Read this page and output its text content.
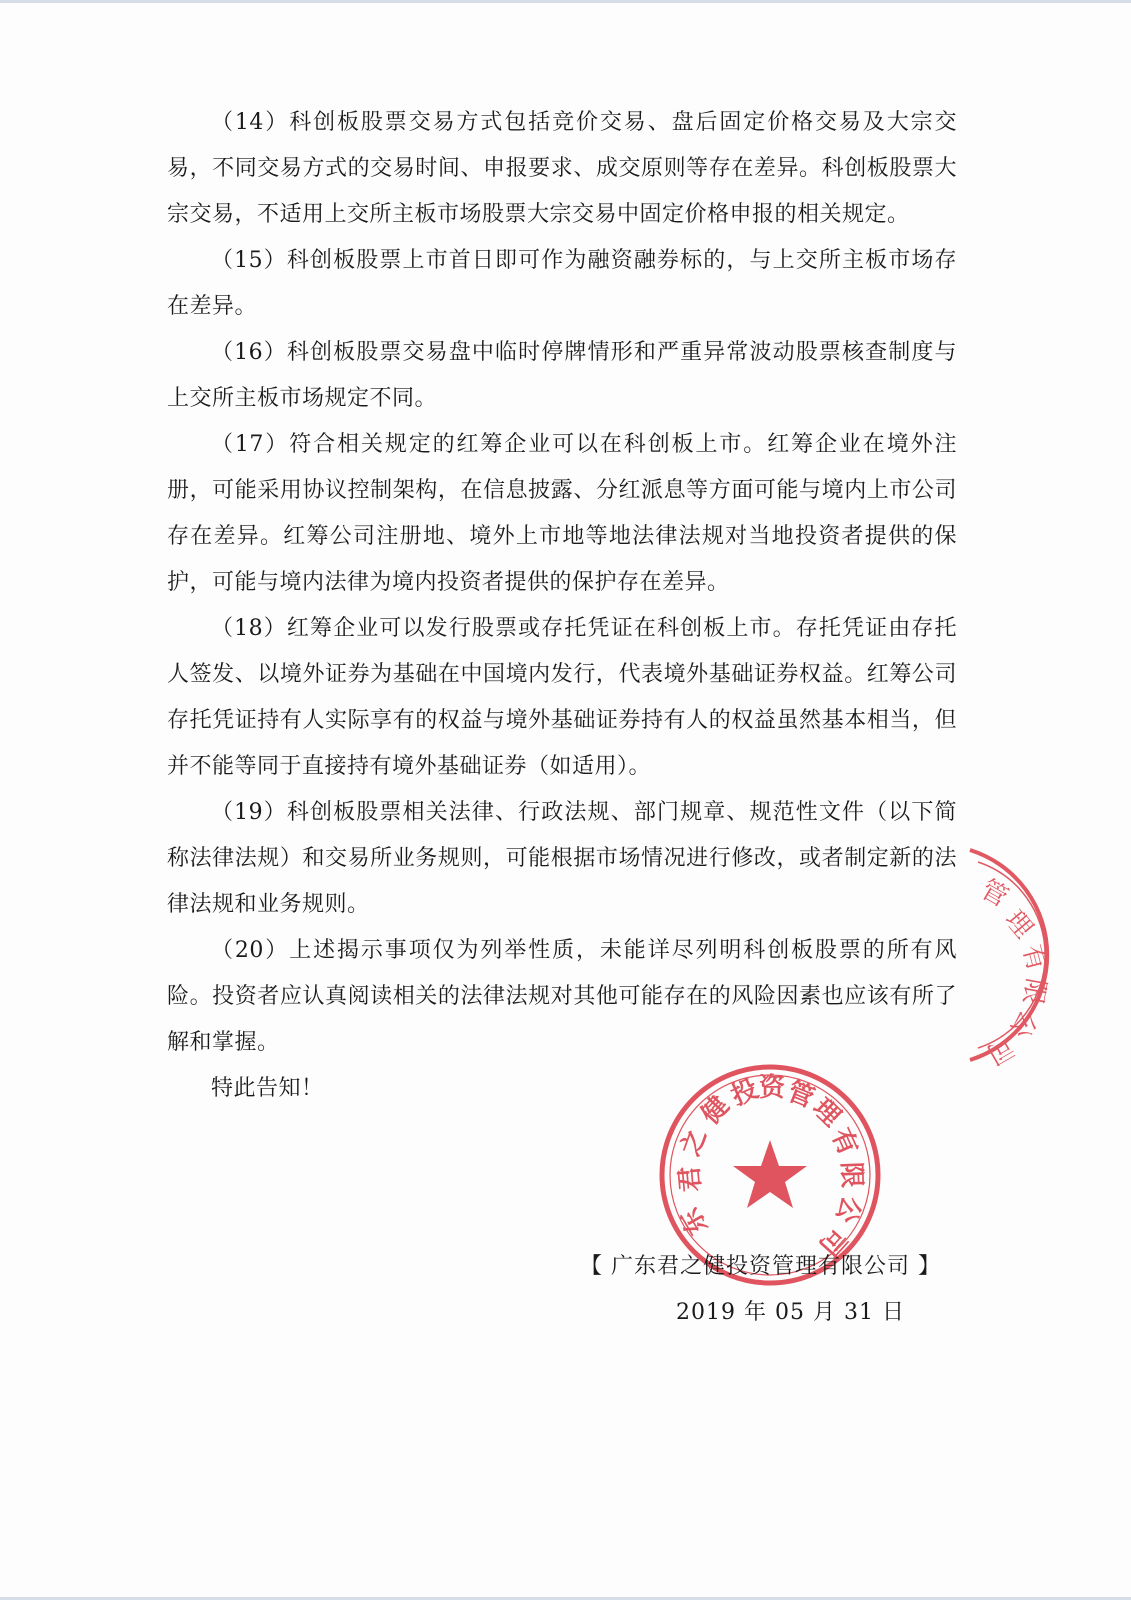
（14）科创板股票交易方式包括竞价交易、盘后固定价格交易及大宗交易，不同交易方式的交易时间、申报要求、成交原则等存在差异。科创板股票大宗交易，不适用上交所主板市场股票大宗交易中固定价格申报的相关规定。

（15）科创板股票上市首日即可作为融资融券标的，与上交所主板市场存在差异。

（16）科创板股票交易盘中临时停牌情形和严重异常波动股票核查制度与上交所主板市场规定不同。

（17）符合相关规定的红筹企业可以在科创板上市。红筹企业在境外注册，可能采用协议控制架构，在信息披露、分红派息等方面可能与境内上市公司存在差异。红筹公司注册地、境外上市地等地法律法规对当地投资者提供的保护，可能与境内法律为境内投资者提供的保护存在差异。

（18）红筹企业可以发行股票或存托凭证在科创板上市。存托凭证由存托人签发、以境外证券为基础在中国境内发行，代表境外基础证券权益。红筹公司存托凭证持有人实际享有的权益与境外基础证券持有人的权益虽然基本相当，但并不能等同于直接持有境外基础证券（如适用）。

（19）科创板股票相关法律、行政法规、部门规章、规范性文件（以下简称法律法规）和交易所业务规则，可能根据市场情况进行修改，或者制定新的法律法规和业务规则。

（20）上述揭示事项仅为列举性质，未能详尽列明科创板股票的所有风险。投资者应认真阅读相关的法律法规对其他可能存在的风险因素也应该有所了解和掌握。

特此告知！

管
理
有
限
公
司
东
君
之
健
投
资
管
理
有
限
公
司
【 广东君之健投资管理有限公司 】
2019 年 05 月 31 日
